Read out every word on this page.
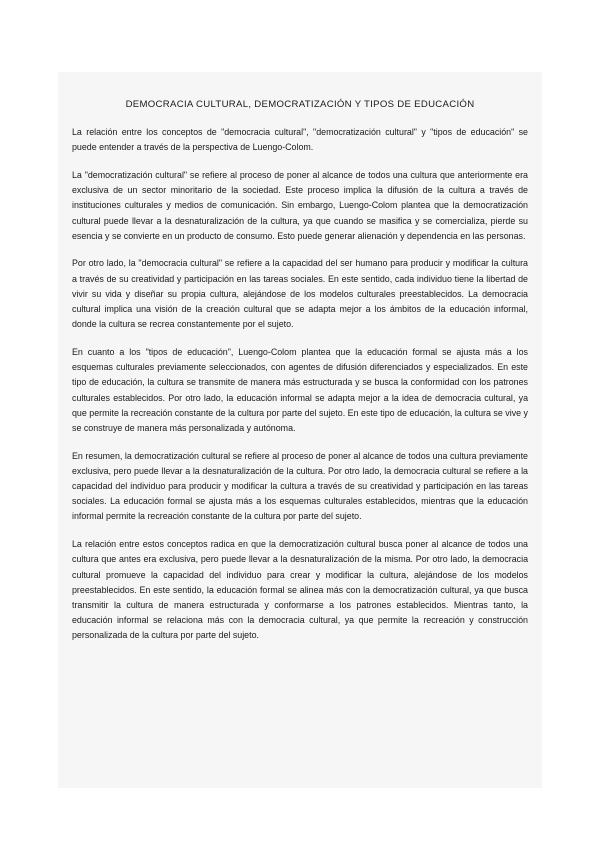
DEMOCRACIA CULTURAL, DEMOCRATIZACIÓN Y TIPOS DE EDUCACIÓN

La relación entre los conceptos de "democracia cultural", "democratización cultural" y "tipos de educación" se puede entender a través de la perspectiva de Luengo-Colom.

La "democratización cultural" se refiere al proceso de poner al alcance de todos una cultura que anteriormente era exclusiva de un sector minoritario de la sociedad. Este proceso implica la difusión de la cultura a través de instituciones culturales y medios de comunicación. Sin embargo, Luengo-Colom plantea que la democratización cultural puede llevar a la desnaturalización de la cultura, ya que cuando se masifica y se comercializa, pierde su esencia y se convierte en un producto de consumo. Esto puede generar alienación y dependencia en las personas.

Por otro lado, la "democracia cultural" se refiere a la capacidad del ser humano para producir y modificar la cultura a través de su creatividad y participación en las tareas sociales. En este sentido, cada individuo tiene la libertad de vivir su vida y diseñar su propia cultura, alejándose de los modelos culturales preestablecidos. La democracia cultural implica una visión de la creación cultural que se adapta mejor a los ámbitos de la educación informal, donde la cultura se recrea constantemente por el sujeto.

En cuanto a los "tipos de educación", Luengo-Colom plantea que la educación formal se ajusta más a los esquemas culturales previamente seleccionados, con agentes de difusión diferenciados y especializados. En este tipo de educación, la cultura se transmite de manera más estructurada y se busca la conformidad con los patrones culturales establecidos. Por otro lado, la educación informal se adapta mejor a la idea de democracia cultural, ya que permite la recreación constante de la cultura por parte del sujeto. En este tipo de educación, la cultura se vive y se construye de manera más personalizada y autónoma.

En resumen, la democratización cultural se refiere al proceso de poner al alcance de todos una cultura previamente exclusiva, pero puede llevar a la desnaturalización de la cultura. Por otro lado, la democracia cultural se refiere a la capacidad del individuo para producir y modificar la cultura a través de su creatividad y participación en las tareas sociales. La educación formal se ajusta más a los esquemas culturales establecidos, mientras que la educación informal permite la recreación constante de la cultura por parte del sujeto.

La relación entre estos conceptos radica en que la democratización cultural busca poner al alcance de todos una cultura que antes era exclusiva, pero puede llevar a la desnaturalización de la misma. Por otro lado, la democracia cultural promueve la capacidad del individuo para crear y modificar la cultura, alejándose de los modelos preestablecidos. En este sentido, la educación formal se alinea más con la democratización cultural, ya que busca transmitir la cultura de manera estructurada y conformarse a los patrones establecidos. Mientras tanto, la educación informal se relaciona más con la democracia cultural, ya que permite la recreación y construcción personalizada de la cultura por parte del sujeto.
